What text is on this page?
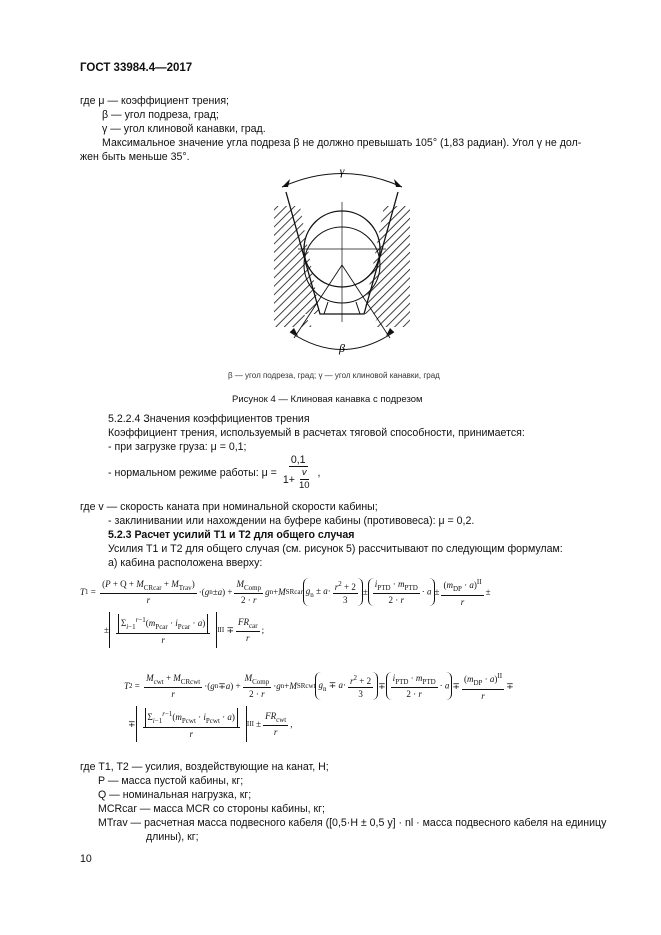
ГОСТ 33984.4—2017
где μ — коэффициент трения;
β — угол подреза, град;
γ — угол клиновой канавки, град.
Максимальное значение угла подреза β не должно превышать 105° (1,83 радиан). Угол γ не дол-
жен быть меньше 35°.
γ
β
β — угол подреза, град; γ — угол клиновой канавки, град
Рисунок 4 — Клиновая канавка с подрезом
5.2.2.4 Значения коэффициентов трения
Коэффициент трения, используемый в расчетах тяговой способности, принимается:
- при загрузке груза: μ = 0,1;
- нормальном режиме работы: $\mu = \frac{0,1}{1+ \frac{v}{10}}$ ,
где v — скорость каната при номинальной скорости кабины;
- заклинивании или нахождении на буфере кабины (противовеса): μ = 0,2.
5.2.3 Расчет усилий T1 и T2 для общего случая
Усилия T1 и T2 для общего случая (см. рисунок 5) рассчитывают по следующим формулам:
а) кабина расположена вверху:
T 1 =
$(P + Q + M_{CRcar} + M_{Trav})$
r
·( g n ± a ) +
$M_{Comp}$
2 · r
g n + M SRcar $g_n \pm a\cdot \frac{r^2 + 2}{3}$ ±
$i_{PTD} \cdot m_{PTD}$
2 · r
· a ±
$(m_{DP} \cdot a)^{II}$
r
±
±
$\Sigma_{i-1}^{r-1}(m_{Pcar} \cdot i_{Pcar} \cdot a)$
r
III ∓
$FR_{car}$
r
;
T 2 =
$M_{cwt} + M_{CRcwt}$
r
·( g n ∓ a ) +
$M_{Comp}$
2 · r
· g n + M SRcwt $g_n \mp a\cdot \frac{r^2 + 2}{3}$ ∓
$i_{PTD} \cdot m_{PTD}$
2 · r
· a ∓
$(m_{DP} \cdot a)^{II}$
r
∓
∓
$\Sigma_{i-1}^{r-1}(m_{Pcwt} \cdot i_{Pcwt} \cdot a)$
r
III ±
$FR_{cwt}$
r
,
где T1, T2 — усилия, воздействующие на канат, Н;
P — масса пустой кабины, кг;
Q — номинальная нагрузка, кг;
MCRcar — масса MCR со стороны кабины, кг;
MTrav — расчетная масса подвесного кабеля ([0,5·H ± 0,5 y] · nl · масса подвесного кабеля на единицу
длины), кг;
10
